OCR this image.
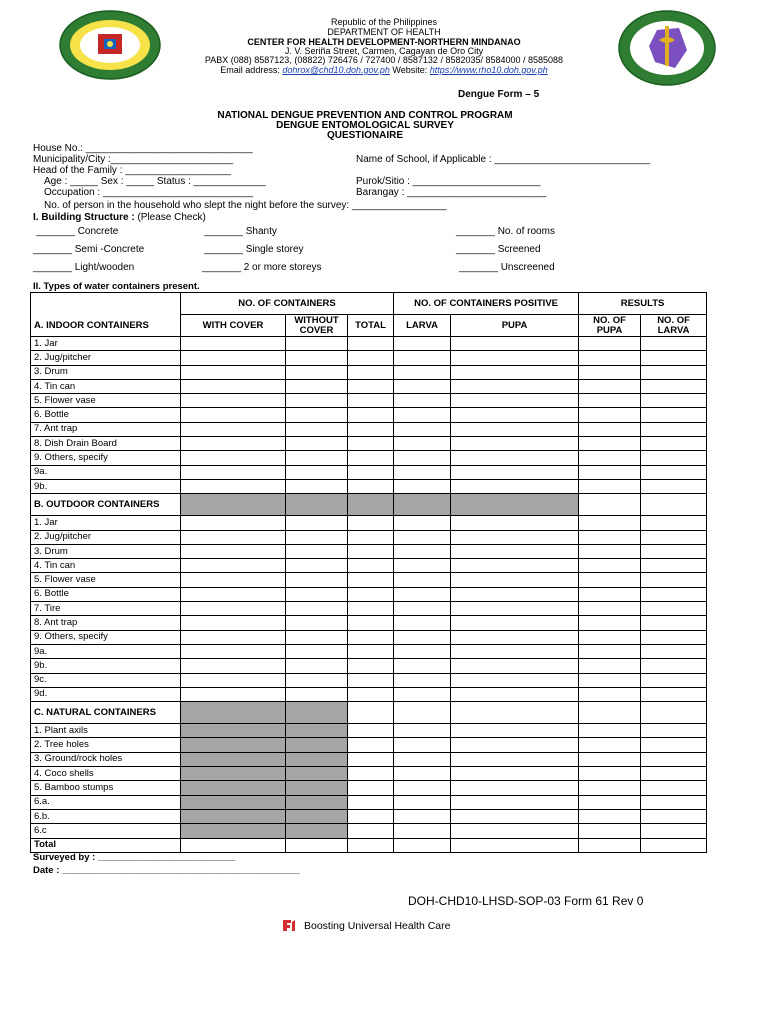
Republic of the Philippines
DEPARTMENT OF HEALTH
CENTER FOR HEALTH DEVELOPMENT-NORTHERN MINDANAO
J. V. Seriña Street, Carmen, Cagayan de Oro City
PABX (088) 8587123, (08822) 726476 / 727400 / 8587132 / 8582035/ 8584000 / 8585088
Email address: dohrox@chd10.doh.gov.ph Website: https://www.rho10.doh.gov.ph
Dengue Form – 5
NATIONAL DENGUE PREVENTION AND CONTROL PROGRAM
DENGUE ENTOMOLOGICAL SURVEY
QUESTIONAIRE
House No.: ______________________________
Municipality/City :______________________	Name of School, if Applicable : ____________________________
Head of the Family : ___________________
Age : _____ Sex : _____ Status : _____________	Purok/Sitio : _______________________
Occupation : ___________________________	Barangay : _________________________
No. of person in the household who slept the night before the survey: _________________
I. Building Structure : (Please Check)
_______ Concrete
_______ Semi -Concrete
_______ Light/wooden
_______ Shanty
_______ Single storey
_______ 2 or more storeys
_______ No. of rooms
_______ Screened
_______ Unscreened
II. Types of water containers present.
	NO. OF CONTAINERS			NO. OF CONTAINERS POSITIVE		RESULTS	
A. INDOOR CONTAINERS	WITH COVER	WITHOUT COVER	TOTAL	LARVA	PUPA	NO. OF PUPA	NO. OF LARVA
1. Jar							
2. Jug/pitcher							
3. Drum							
4. Tin can							
5. Flower vase							
6. Bottle							
7. Ant trap							
8. Dish Drain Board							
9. Others, specify							
9a.							
9b.							
B. OUTDOOR CONTAINERS							
1. Jar							
2. Jug/pitcher							
3. Drum							
4. Tin can							
5. Flower vase							
6. Bottle							
7. Tire							
8. Ant trap							
9. Others, specify							
9a.							
9b.							
9c.							
9d.							
C. NATURAL CONTAINERS							
1. Plant axils							
2. Tree holes							
3. Ground/rock holes							
4. Coco shells							
5. Bamboo stumps							
6.a.							
6.b.							
6.c							
Total							
Surveyed by : __________________________
Date : _____________________________________________
DOH-CHD10-LHSD-SOP-03 Form 61 Rev 0
Boosting Universal Health Care
